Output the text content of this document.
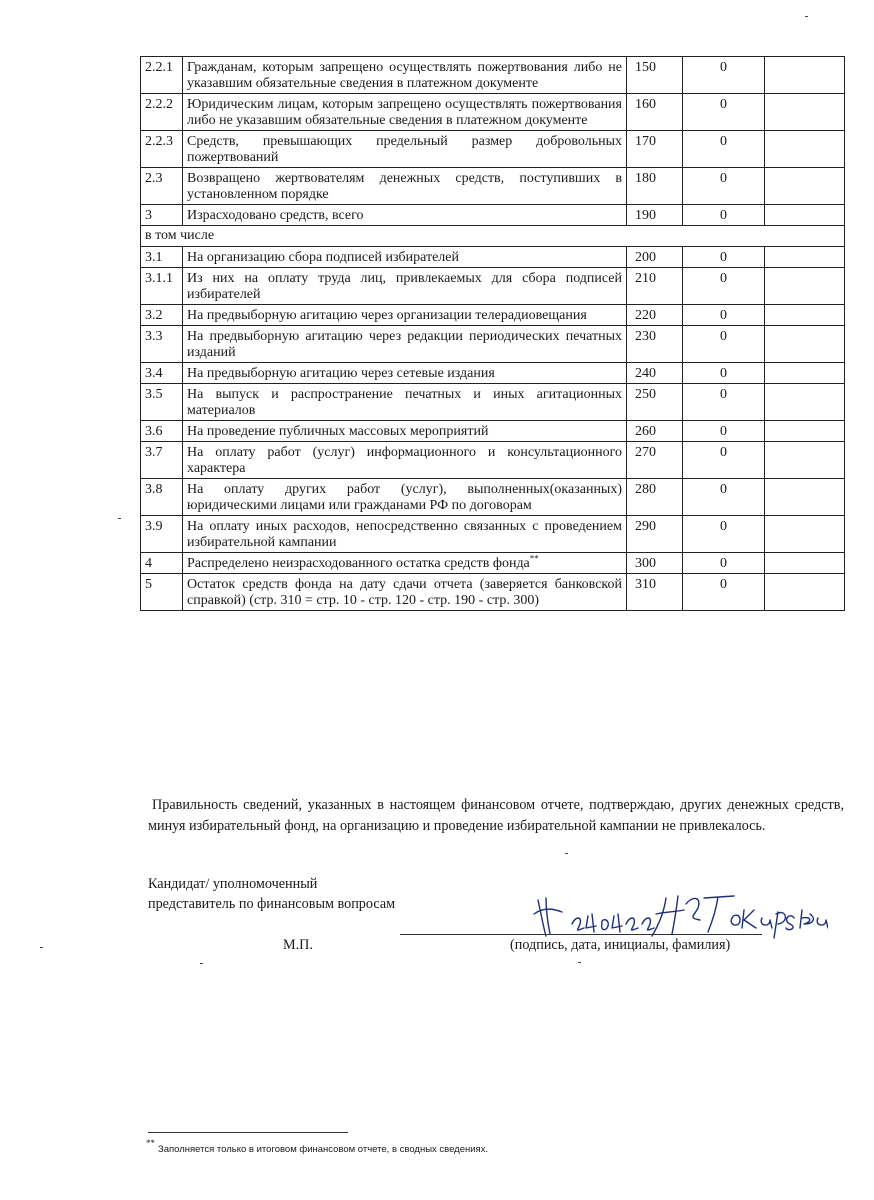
2.2.1	Гражданам, которым запрещено осуществлять пожертвования либо не указавшим обязательные сведения в платежном документе	150	0	
2.2.2	Юридическим лицам, которым запрещено осуществлять пожертвования либо не указавшим обязательные сведения в платежном документе	160	0	
2.2.3	Средств, превышающих предельный размер добровольных пожертвований	170	0	
2.3	Возвращено жертвователям денежных средств, поступивших в установленном порядке	180	0	
3	Израсходовано средств, всего	190	0	
в том числе				
3.1	На организацию сбора подписей избирателей	200	0	
3.1.1	Из них на оплату труда лиц, привлекаемых для сбора подписей избирателей	210	0	
3.2	На предвыборную агитацию через организации телерадиовещания	220	0	
3.3	На предвыборную агитацию через редакции периодических печатных изданий	230	0	
3.4	На предвыборную агитацию через сетевые издания	240	0	
3.5	На выпуск и распространение печатных и иных агитационных материалов	250	0	
3.6	На проведение публичных массовых мероприятий	260	0	
3.7	На оплату работ (услуг) информационного и консультационного характера	270	0	
3.8	На оплату других работ (услуг), выполненных(оказанных) юридическими лицами или гражданами РФ по договорам	280	0	
3.9	На оплату иных расходов, непосредственно связанных с проведением избирательной кампании	290	0	
4	Распределено неизрасходованного остатка средств фонда**	300	0	
5	Остаток средств фонда на дату сдачи отчета (заверяется банковской справкой) (стр. 310 = стр. 10 - стр. 120 - стр. 190 - стр. 300)	310	0	
Правильность сведений, указанных в настоящем финансовом отчете, подтверждаю, других денежных средств, минуя избирательный фонд, на организацию и проведение избирательной кампании не привлекалось.
Кандидат/ уполномоченный
представитель по финансовым вопросам
М.П.	(подпись, дата, инициалы, фамилия)
**
Заполняется только в итоговом финансовом отчете, в сводных сведениях.
